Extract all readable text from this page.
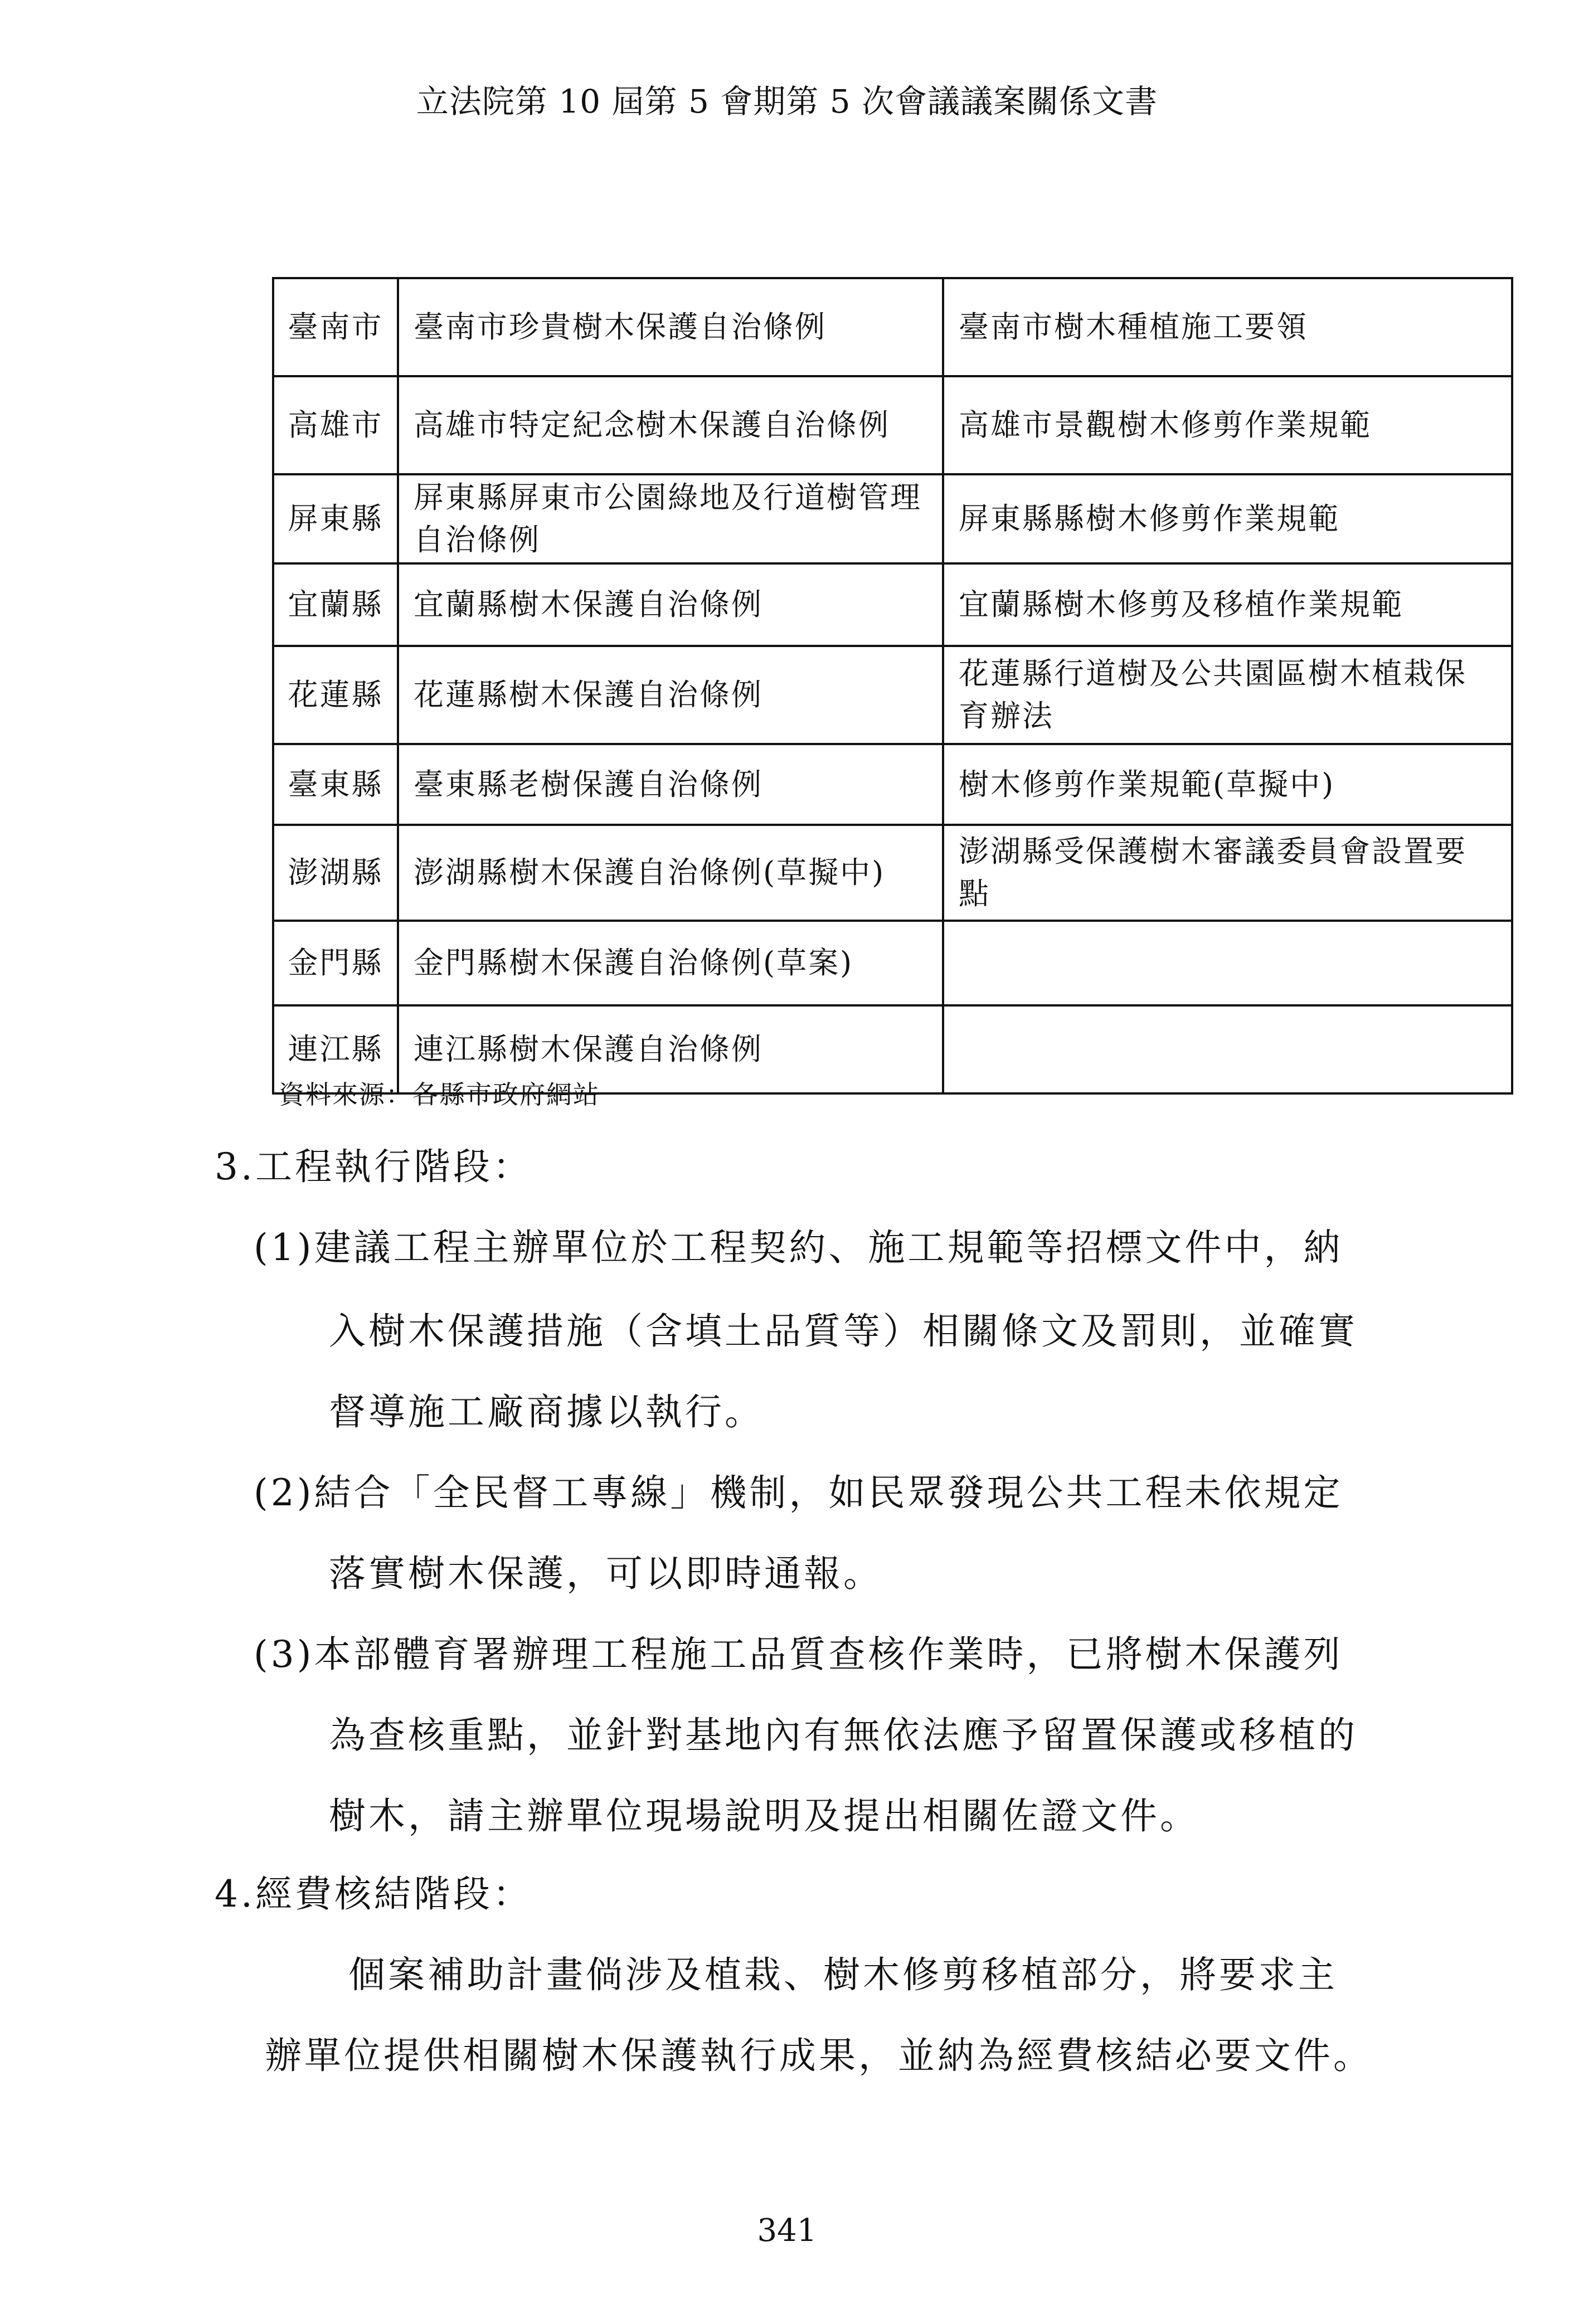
立法院第 10 屆第 5 會期第 5 次會議議案關係文書
臺南市	臺南市珍貴樹木保護自治條例	臺南市樹木種植施工要領
高雄市	高雄市特定紀念樹木保護自治條例	高雄市景觀樹木修剪作業規範
屏東縣	屏東縣屏東市公園綠地及行道樹管理自治條例	屏東縣縣樹木修剪作業規範
宜蘭縣	宜蘭縣樹木保護自治條例	宜蘭縣樹木修剪及移植作業規範
花蓮縣	花蓮縣樹木保護自治條例	花蓮縣行道樹及公共園區樹木植栽保育辦法
臺東縣	臺東縣老樹保護自治條例	樹木修剪作業規範(草擬中)
澎湖縣	澎湖縣樹木保護自治條例(草擬中)	澎湖縣受保護樹木審議委員會設置要點
金門縣	金門縣樹木保護自治條例(草案)	
連江縣	連江縣樹木保護自治條例	
資料來源：各縣市政府網站
3.工程執行階段：
(1)建議工程主辦單位於工程契約、施工規範等招標文件中，納
入樹木保護措施（含填土品質等）相關條文及罰則，並確實
督導施工廠商據以執行。
(2)結合「全民督工專線」機制，如民眾發現公共工程未依規定
落實樹木保護，可以即時通報。
(3)本部體育署辦理工程施工品質查核作業時，已將樹木保護列
為查核重點，並針對基地內有無依法應予留置保護或移植的
樹木，請主辦單位現場說明及提出相關佐證文件。
4.經費核結階段：
個案補助計畫倘涉及植栽、樹木修剪移植部分，將要求主
辦單位提供相關樹木保護執行成果，並納為經費核結必要文件。
341
